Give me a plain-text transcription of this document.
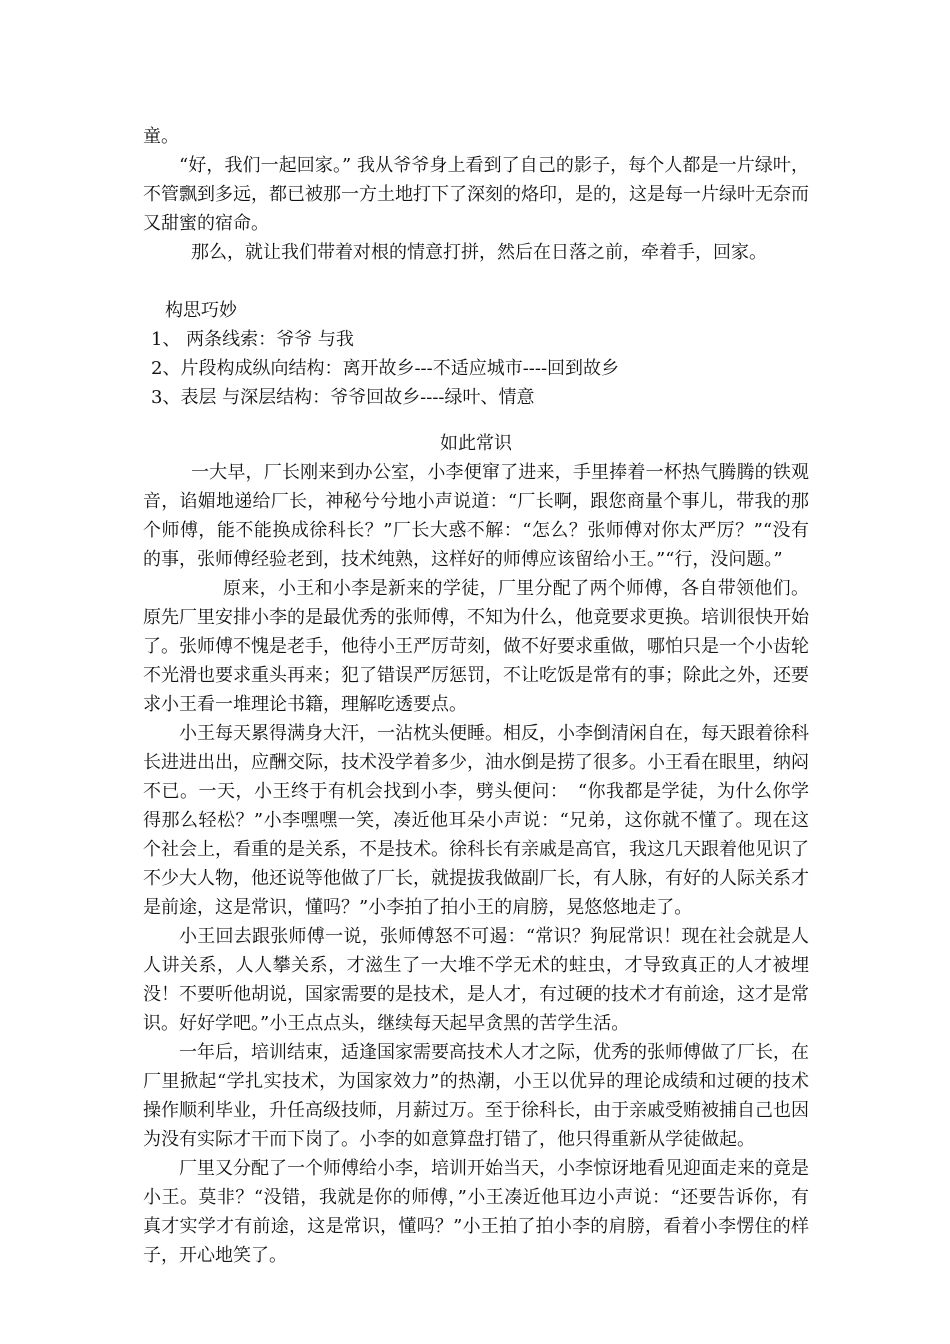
童。

“好，我们一起回家。” 我从爷爷身上看到了自己的影子，每个人都是一片绿叶，不管飘到多远，都已被那一方土地打下了深刻的烙印，是的，这是每一片绿叶无奈而又甜蜜的宿命。

那么，就让我们带着对根的情意打拼，然后在日落之前，牵着手，回家。

构思巧妙

1、 两条线索：爷爷 与我

2、片段构成纵向结构：离开故乡---不适应城市----回到故乡

3、表层 与深层结构：爷爷回故乡----绿叶、情意

如此常识

一大早，厂长刚来到办公室，小李便窜了进来，手里捧着一杯热气腾腾的铁观音，谄媚地递给厂长，神秘兮兮地小声说道：“厂长啊，跟您商量个事儿，带我的那个师傅，能不能换成徐科长？”厂长大惑不解：“怎么？张师傅对你太严厉？”“没有的事，张师傅经验老到，技术纯熟，这样好的师傅应该留给小王。”“行，没问题。”

原来，小王和小李是新来的学徒，厂里分配了两个师傅，各自带领他们。原先厂里安排小李的是最优秀的张师傅，不知为什么，他竟要求更换。培训很快开始了。张师傅不愧是老手，他待小王严厉苛刻，做不好要求重做，哪怕只是一个小齿轮不光滑也要求重头再来；犯了错误严厉惩罚，不让吃饭是常有的事；除此之外，还要求小王看一堆理论书籍，理解吃透要点。

小王每天累得满身大汗，一沾枕头便睡。相反，小李倒清闲自在，每天跟着徐科长进进出出，应酬交际，技术没学着多少，油水倒是捞了很多。小王看在眼里，纳闷不已。一天，小王终于有机会找到小李，劈头便问：　“你我都是学徒，为什么你学得那么轻松？”小李嘿嘿一笑，凑近他耳朵小声说：“兄弟，这你就不懂了。现在这个社会上，看重的是关系，不是技术。徐科长有亲戚是高官，我这几天跟着他见识了不少大人物，他还说等他做了厂长，就提拔我做副厂长，有人脉，有好的人际关系才是前途，这是常识，懂吗？”小李拍了拍小王的肩膀，晃悠悠地走了。

小王回去跟张师傅一说，张师傅怒不可遏：“常识？狗屁常识！现在社会就是人人讲关系，人人攀关系，才滋生了一大堆不学无术的蛀虫，才导致真正的人才被埋没！不要听他胡说，国家需要的是技术，是人才，有过硬的技术才有前途，这才是常识。好好学吧。”小王点点头，继续每天起早贪黑的苦学生活。

一年后，培训结束，适逢国家需要高技术人才之际，优秀的张师傅做了厂长，在厂里掀起“学扎实技术，为国家效力”的热潮，小王以优异的理论成绩和过硬的技术操作顺利毕业，升任高级技师，月薪过万。至于徐科长，由于亲戚受贿被捕自己也因为没有实际才干而下岗了。小李的如意算盘打错了，他只得重新从学徒做起。

厂里又分配了一个师傅给小李，培训开始当天，小李惊讶地看见迎面走来的竟是小王。莫非？“没错，我就是你的师傅，”小王凑近他耳边小声说：“还要告诉你，有真才实学才有前途，这是常识，懂吗？”小王拍了拍小李的肩膀，看着小李愣住的样子，开心地笑了。
